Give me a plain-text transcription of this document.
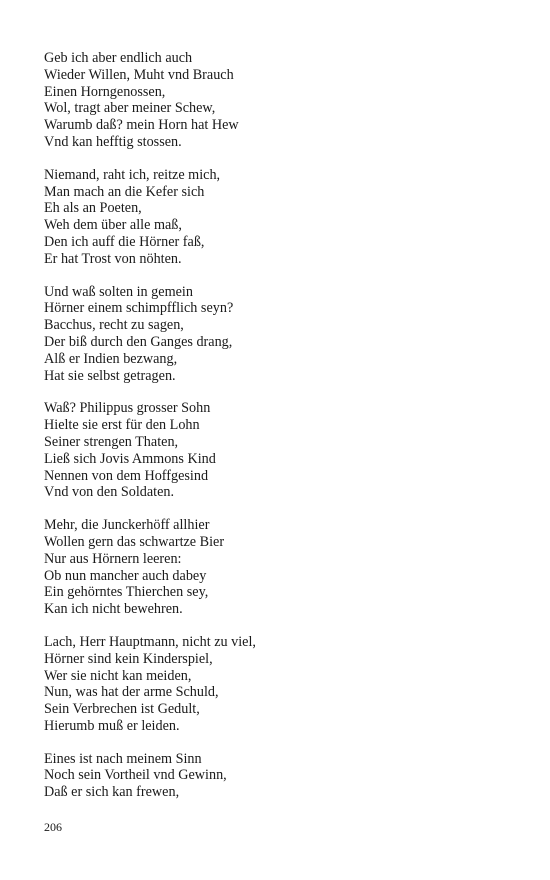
Geb ich aber endlich auch
Wieder Willen, Muht vnd Brauch
Einen Horngenossen,
Wol, tragt aber meiner Schew,
Warumb daß? mein Horn hat Hew
Vnd kan hefftig stossen.
Niemand, raht ich, reitze mich,
Man mach an die Kefer sich
Eh als an Poeten,
Weh dem über alle maß,
Den ich auff die Hörner faß,
Er hat Trost von nöhten.
Und waß solten in gemein
Hörner einem schimpfflich seyn?
Bacchus, recht zu sagen,
Der biß durch den Ganges drang,
Alß er Indien bezwang,
Hat sie selbst getragen.
Waß? Philippus grosser Sohn
Hielte sie erst für den Lohn
Seiner strengen Thaten,
Ließ sich Jovis Ammons Kind
Nennen von dem Hoffgesind
Vnd von den Soldaten.
Mehr, die Junckerhöff allhier
Wollen gern das schwartze Bier
Nur aus Hörnern leeren:
Ob nun mancher auch dabey
Ein gehörntes Thierchen sey,
Kan ich nicht bewehren.
Lach, Herr Hauptmann, nicht zu viel,
Hörner sind kein Kinderspiel,
Wer sie nicht kan meiden,
Nun, was hat der arme Schuld,
Sein Verbrechen ist Gedult,
Hierumb muß er leiden.
Eines ist nach meinem Sinn
Noch sein Vortheil vnd Gewinn,
Daß er sich kan frewen,
206
